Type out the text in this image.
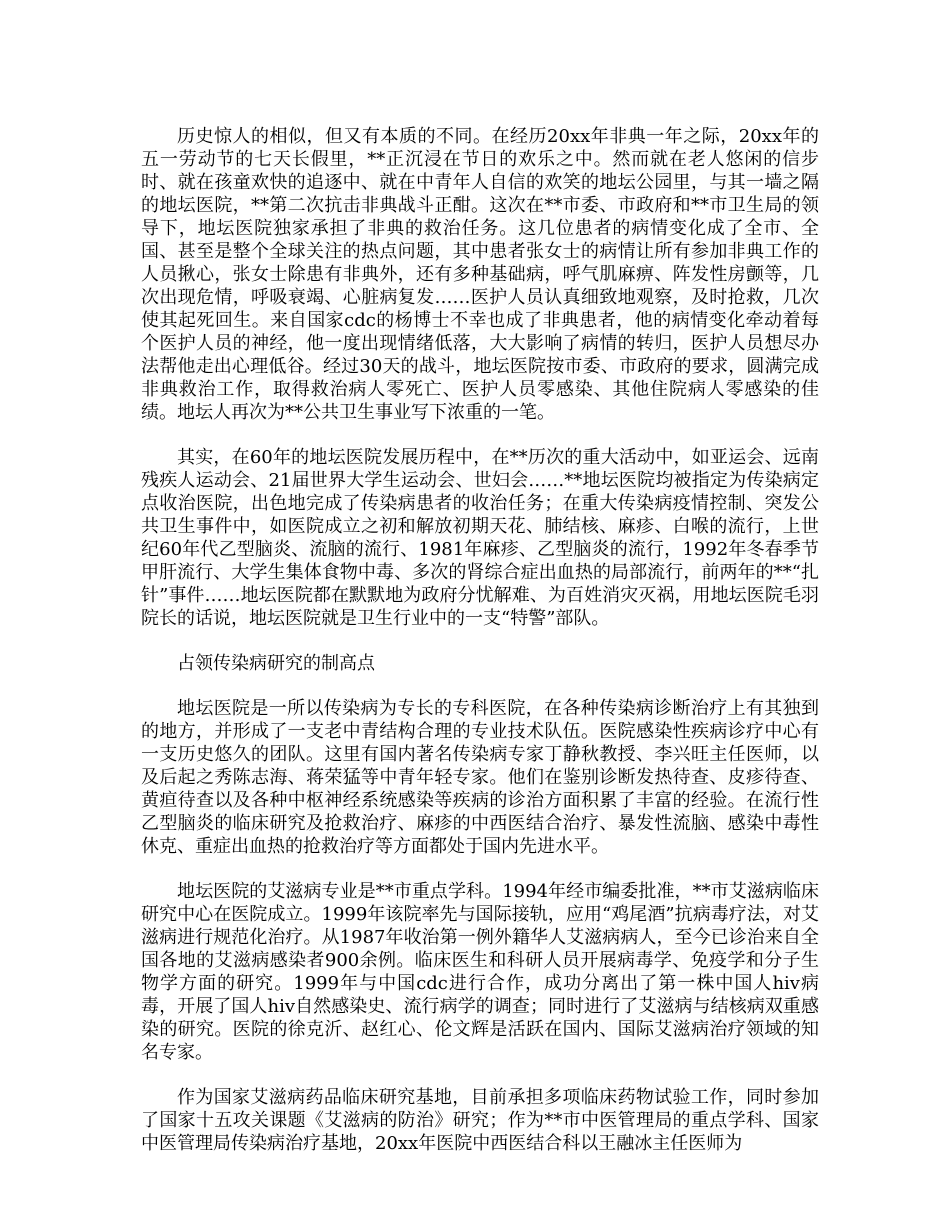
历史惊人的相似，但又有本质的不同。在经历20xx年非典一年之际，20xx年的五一劳动节的七天长假里，**正沉浸在节日的欢乐之中。然而就在老人悠闲的信步时、就在孩童欢快的追逐中、就在中青年人自信的欢笑的地坛公园里，与其一墙之隔的地坛医院，**第二次抗击非典战斗正酣。这次在**市委、市政府和**市卫生局的领导下，地坛医院独家承担了非典的救治任务。这几位患者的病情变化成了全市、全国、甚至是整个全球关注的热点问题，其中患者张女士的病情让所有参加非典工作的人员揪心，张女士除患有非典外，还有多种基础病，呼气肌麻痹、阵发性房颤等，几次出现危情，呼吸衰竭、心脏病复发……医护人员认真细致地观察，及时抢救，几次使其起死回生。来自国家cdc的杨博士不幸也成了非典患者，他的病情变化牵动着每个医护人员的神经，他一度出现情绪低落，大大影响了病情的转归，医护人员想尽办法帮他走出心理低谷。经过30天的战斗，地坛医院按市委、市政府的要求，圆满完成非典救治工作，取得救治病人零死亡、医护人员零感染、其他住院病人零感染的佳绩。地坛人再次为**公共卫生事业写下浓重的一笔。

其实，在60年的地坛医院发展历程中，在**历次的重大活动中，如亚运会、远南残疾人运动会、21届世界大学生运动会、世妇会……**地坛医院均被指定为传染病定点收治医院，出色地完成了传染病患者的收治任务；在重大传染病疫情控制、突发公共卫生事件中，如医院成立之初和解放初期天花、肺结核、麻疹、白喉的流行，上世纪60年代乙型脑炎、流脑的流行、1981年麻疹、乙型脑炎的流行，1992年冬春季节甲肝流行、大学生集体食物中毒、多次的肾综合症出血热的局部流行，前两年的**“扎针”事件……地坛医院都在默默地为政府分忧解难、为百姓消灾灭祸，用地坛医院毛羽院长的话说，地坛医院就是卫生行业中的一支“特警”部队。

占领传染病研究的制高点

地坛医院是一所以传染病为专长的专科医院，在各种传染病诊断治疗上有其独到的地方，并形成了一支老中青结构合理的专业技术队伍。医院感染性疾病诊疗中心有一支历史悠久的团队。这里有国内著名传染病专家丁静秋教授、李兴旺主任医师，以及后起之秀陈志海、蒋荣猛等中青年轻专家。他们在鉴别诊断发热待查、皮疹待查、黄疸待查以及各种中枢神经系统感染等疾病的诊治方面积累了丰富的经验。在流行性乙型脑炎的临床研究及抢救治疗、麻疹的中西医结合治疗、暴发性流脑、感染中毒性休克、重症出血热的抢救治疗等方面都处于国内先进水平。

地坛医院的艾滋病专业是**市重点学科。1994年经市编委批准，**市艾滋病临床研究中心在医院成立。1999年该院率先与国际接轨，应用“鸡尾酒”抗病毒疗法，对艾滋病进行规范化治疗。从1987年收治第一例外籍华人艾滋病病人，至今已诊治来自全国各地的艾滋病感染者900余例。临床医生和科研人员开展病毒学、免疫学和分子生物学方面的研究。1999年与中国cdc进行合作，成功分离出了第一株中国人hiv病毒，开展了国人hiv自然感染史、流行病学的调查；同时进行了艾滋病与结核病双重感染的研究。医院的徐克沂、赵红心、伦文辉是活跃在国内、国际艾滋病治疗领域的知名专家。

作为国家艾滋病药品临床研究基地，目前承担多项临床药物试验工作，同时参加了国家十五攻关课题《艾滋病的防治》研究；作为**市中医管理局的重点学科、国家中医管理局传染病治疗基地，20xx年医院中西医结合科以王融冰主任医师为
